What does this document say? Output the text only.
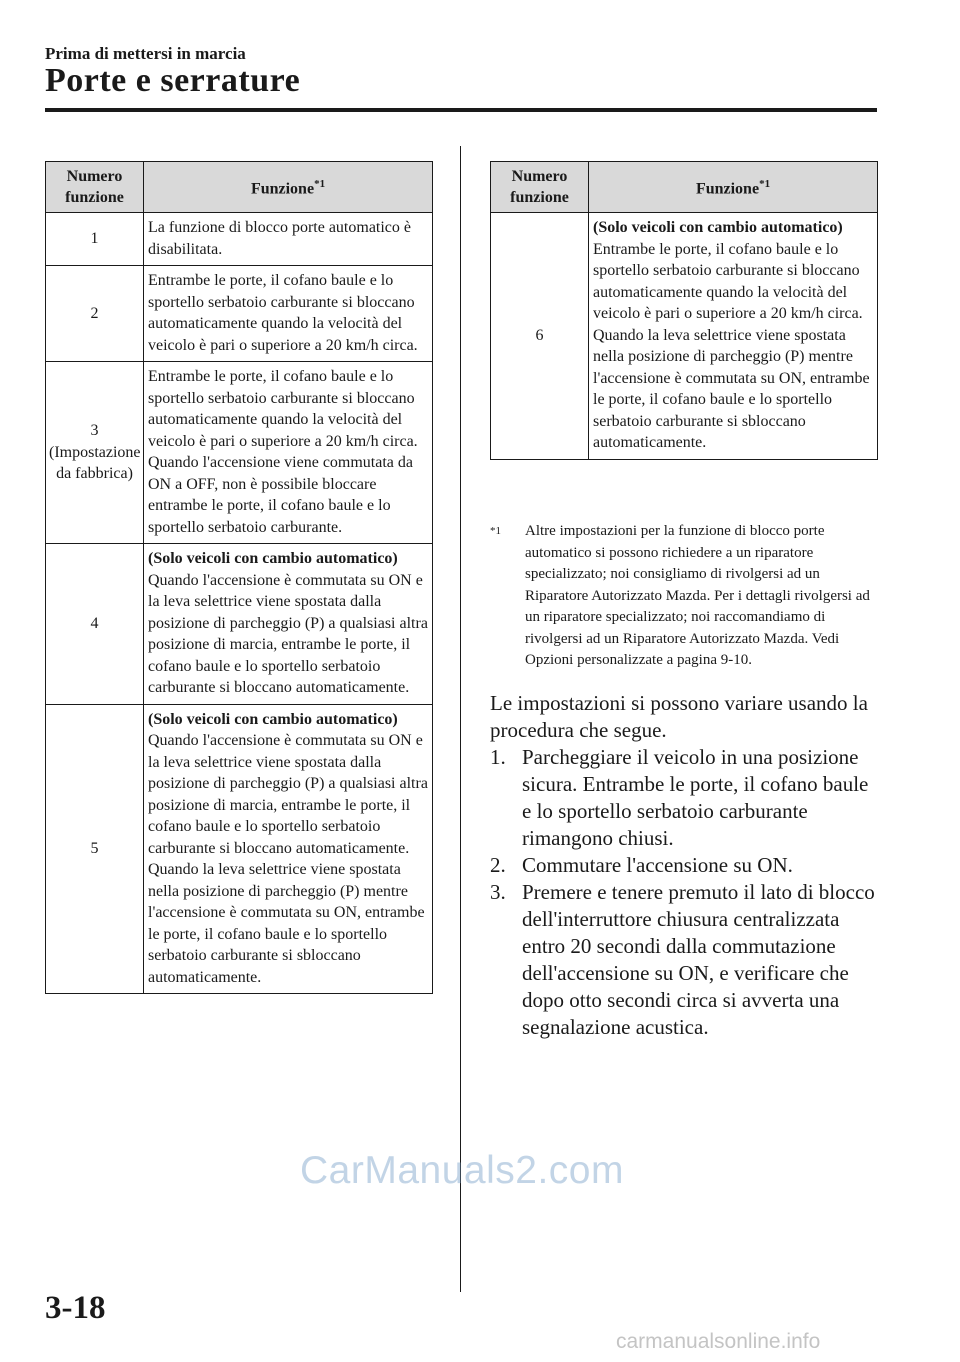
Prima di mettersi in marcia
Porte e serrature
Numero funzione	Funzione$^{*1}$
1	La funzione di blocco porte automatico è disabilitata.

2	Entrambe le porte, il cofano baule e lo sportello serbatoio carburante si bloccano automaticamente quando la velocità del veicolo è pari o superiore a 20 km/h circa.

3 (Impostazione da fabbrica)	Entrambe le porte, il cofano baule e lo sportello serbatoio carburante si bloccano automaticamente quando la velocità del veicolo è pari o superiore a 20 km/h circa. Quando l'accensione viene commutata da ON a OFF, non è possibile bloccare entrambe le porte, il cofano baule e lo sportello serbatoio carburante.

4	(Solo veicoli con cambio automatico)
Quando l'accensione è commutata su ON e la leva selettrice viene spostata dalla posizione di parcheggio (P) a qualsiasi altra posizione di marcia, entrambe le porte, il cofano baule e lo sportello serbatoio carburante si bloccano automaticamente.

5	(Solo veicoli con cambio automatico)
Quando l'accensione è commutata su ON e la leva selettrice viene spostata dalla posizione di parcheggio (P) a qualsiasi altra posizione di marcia, entrambe le porte, il cofano baule e lo sportello serbatoio carburante si bloccano automaticamente.
Quando la leva selettrice viene spostata nella posizione di parcheggio (P) mentre l'accensione è commutata su ON, entrambe le porte, il cofano baule e lo sportello serbatoio carburante si sbloccano automaticamente.
Numero funzione	Funzione$^{*1}$
6	(Solo veicoli con cambio automatico)
Entrambe le porte, il cofano baule e lo sportello serbatoio carburante si bloccano automaticamente quando la velocità del veicolo è pari o superiore a 20 km/h circa.
Quando la leva selettrice viene spostata nella posizione di parcheggio (P) mentre l'accensione è commutata su ON, entrambe le porte, il cofano baule e lo sportello serbatoio carburante si sbloccano automaticamente.
$^{*1}$ Altre impostazioni per la funzione di blocco porte automatico si possono richiedere a un riparatore specializzato; noi consigliamo di rivolgersi ad un Riparatore Autorizzato Mazda. Per i dettagli rivolgersi ad un riparatore specializzato; noi raccomandiamo di rivolgersi ad un Riparatore Autorizzato Mazda. Vedi Opzioni personalizzate a pagina 9-10.
Le impostazioni si possono variare usando la procedura che segue.
1. Parcheggiare il veicolo in una posizione sicura. Entrambe le porte, il cofano baule e lo sportello serbatoio carburante rimangono chiusi.
2. Commutare l'accensione su ON.
3. Premere e tenere premuto il lato di blocco dell'interruttore chiusura centralizzata entro 20 secondi dalla commutazione dell'accensione su ON, e verificare che dopo otto secondi circa si avverta una segnalazione acustica.
CarManuals2.com
3-18
carmanualsonline.info
